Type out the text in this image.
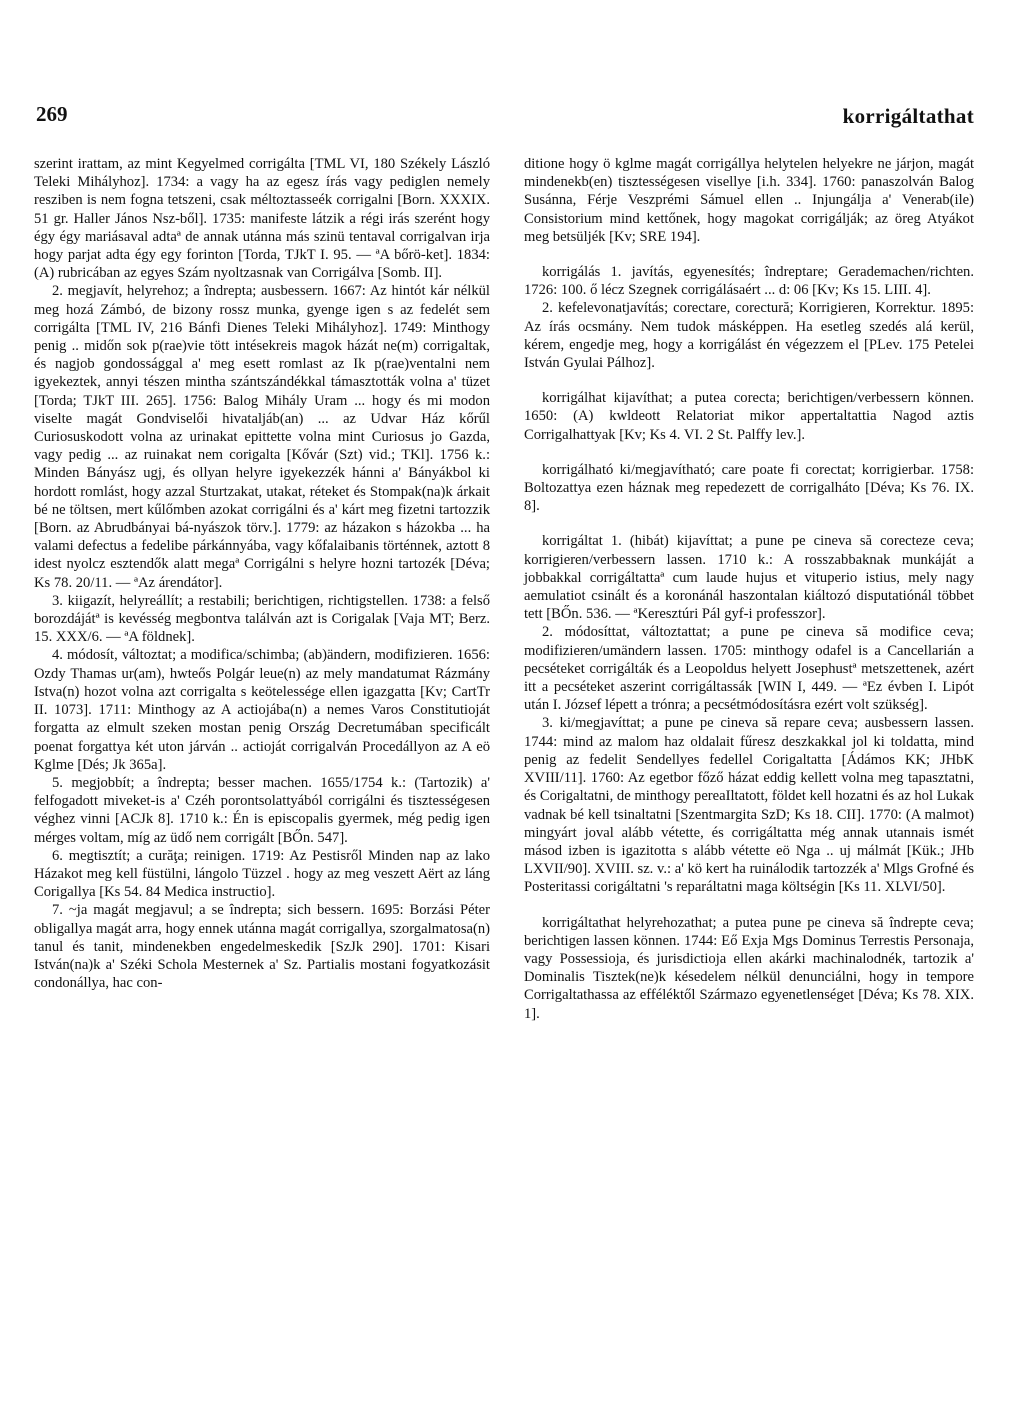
269	korrigáltathat

szerint irattam, az mint Kegyelmed corrigálta [TML VI, 180 Székely László Teleki Mihályhoz]. 1734: a vagy ha az egesz írás vagy pediglen nemely resziben is nem fogna tetszeni, csak méltoztasseék corrigalni [Born. XXXIX. 51 gr. Haller János Nsz-ből]. 1735: manifeste látzik a régi irás szerént hogy égy égy mariásaval adtaª de annak utánna más szinü tentaval corrigalvan irja hogy parjat adta égy egy forinton [Torda, TJkT I. 95. — ªA bőrö-ket]. 1834: (A) rubricában az egyes Szám nyoltzasnak van Corrigálva [Somb. II].

2. megjavít, helyrehoz; a îndrepta; ausbessern. 1667: Az hintót kár nélkül meg hozá Zámbó, de bizony rossz munka, gyenge igen s az fedelét sem corrigálta [TML IV, 216 Bánfi Dienes Teleki Mihályhoz]. 1749: Minthogy penig .. midőn sok p(rae)vie tött intésekreis magok házát ne(m) corrigaltak, és nagjob gondossággal a' meg esett romlast az Ik p(rae)ventalni nem igyekeztek, annyi tészen mintha szántszándékkal támasztották volna a' tüzet [Torda; TJkT III. 265]. 1756: Balog Mihály Uram ... hogy és mi modon viselte magát Gondviselői hivataljáb(an) ... az Udvar Ház kőrűl Curiosuskodott volna az urinakat epittette volna mint Curiosus jo Gazda, vagy pedig ... az ruinakat nem corigalta [Kővár (Szt) vid.; TKl]. 1756 k.: Minden Bányász ugj, és ollyan helyre igyekezzék hánni a' Bányákbol ki hordott romlást, hogy azzal Sturtzakat, utakat, réteket és Stompak(na)k árkait bé ne töltsen, mert kűlőmben azokat corrigálni és a' kárt meg fizetni tartozzik [Born. az Abrudbányai bá-nyászok törv.]. 1779: az házakon s házokba ... ha valami defectus a fedelibe párkánnyába, vagy kőfalaibanis történnek, aztott 8 idest nyolcz esztendők alatt megaª Corrigálni s helyre hozni tartozék [Déva; Ks 78. 20/11. — ªAz árendátor].

3. kiigazít, helyreállít; a restabili; berichtigen, richtigstellen. 1738: a felső borozdájátª is kevésség megbontva találván azt is Corigalak [Vaja MT; Berz. 15. XXX/6. — ªA földnek].

4. módosít, változtat; a modifica/schimba; (ab)ändern, modifizieren. 1656: Ozdy Thamas ur(am), hwteős Polgár leue(n) az mely mandatumat Rázmány Istva(n) hozot volna azt corrigalta s keötelessége ellen igazgatta [Kv; CartTr II. 1073]. 1711: Minthogy az A actiojába(n) a nemes Varos Constitutioját forgatta az elmult szeken mostan penig Ország Decretumában specificált poenat forgattya két uton járván .. actioját corrigalván Procedállyon az A eö Kglme [Dés; Jk 365a].

5. megjobbít; a îndrepta; besser machen. 1655/1754 k.: (Tartozik) a' felfogadott miveket-is a' Czéh porontsolattyából corrigálni és tisztességesen véghez vinni [ACJk 8]. 1710 k.: Én is episcopalis gyermek, még pedig igen mérges voltam, míg az üdő nem corrigált [BŐn. 547].

6. megtisztít; a curăţa; reinigen. 1719: Az Pestisről Minden nap az lako Házakot meg kell füstülni, lángolo Tüzzel . hogy az meg veszett Aërt az láng Corigallya [Ks 54. 84 Medica instructio].

7. ~ja magát megjavul; a se îndrepta; sich bessern. 1695: Borzási Péter obligallya magát arra, hogy ennek utánna magát corrigallya, szorgalmatosa(n) tanul és tanit, mindenekben engedelmeskedik [SzJk 290]. 1701: Kisari István(na)k a' Széki Schola Mesternek a' Sz. Partialis mostani fogyatkozásit condonállya, hac con-

ditione hogy ö kglme magát corrigállya helytelen helyekre ne járjon, magát mindenekb(en) tisztességesen visellye [i.h. 334]. 1760: panaszolván Balog Susánna, Férje Veszprémi Sámuel ellen .. Injungálja a' Venerab(ile) Consistorium mind kettőnek, hogy magokat corrigálják; az öreg Atyákot meg betsüljék [Kv; SRE 194].

korrigálás 1. javítás, egyenesítés; îndreptare; Gerademachen/richten. 1726: 100. ő lécz Szegnek corrigálásaért ... d: 06 [Kv; Ks 15. LIII. 4].

2. kefelevonatjavítás; corectare, corectură; Korrigieren, Korrektur. 1895: Az írás ocsmány. Nem tudok másképpen. Ha esetleg szedés alá kerül, kérem, engedje meg, hogy a korrigálást én végezzem el [PLev. 175 Petelei István Gyulai Pálhoz].

korrigálhat kijavíthat; a putea corecta; berichtigen/verbessern können. 1650: (A) kwldeott Relatoriat mikor appertaltattia Nagod aztis Corrigalhattyak [Kv; Ks 4. VI. 2 St. Palffy lev.].

korrigálható ki/megjavítható; care poate fi corectat; korrigierbar. 1758: Boltozattya ezen háznak meg repedezett de corrigalháto [Déva; Ks 76. IX. 8].

korrigáltat 1. (hibát) kijavíttat; a pune pe cineva să corecteze ceva; korrigieren/verbessern lassen. 1710 k.: A rosszabbaknak munkáját a jobbakkal corrigáltattaª cum laude hujus et vituperio istius, mely nagy aemulatiot csinált és a koronánál haszontalan kiáltozó disputatiónál többet tett [BŐn. 536. — ªKeresztúri Pál gyf-i professzor].

2. módosíttat, változtattat; a pune pe cineva să modifice ceva; modifizieren/umändern lassen. 1705: minthogy odafel is a Cancellarián a pecséteket corrigálták és a Leopoldus helyett Josephustª metszettenek, azért itt a pecséteket aszerint corrigáltassák [WIN I, 449. — ªEz évben I. Lipót után I. József lépett a trónra; a pecsétmódosításra ezért volt szükség].

3. ki/megjavíttat; a pune pe cineva să repare ceva; ausbessern lassen. 1744: mind az malom haz oldalait fűresz deszkakkal jol ki toldatta, mind penig az fedelit Sendellyes fedellel Corigaltatta [Ádámos KK; JHbK XVIII/11]. 1760: Az egetbor főző házat eddig kellett volna meg tapasztatni, és Corigaltatni, de minthogy pereaIltatott, földet kell hozatni és az hol Lukak vadnak bé kell tsinaltatni [Szentmargita SzD; Ks 18. CII]. 1770: (A malmot) mingyárt joval alább vétette, és corrigáltatta még annak utannais ismét másod izben is igazitotta s alább vétette eö Nga .. uj málmát [Kük.; JHb LXVII/90]. XVIII. sz. v.: a' kö kert ha ruinálodik tartozzék a' Mlgs Grofné és Posteritassi corigáltatni 's reparáltatni maga költségin [Ks 11. XLVI/50].

korrigáltathat helyrehozathat; a putea pune pe cineva să îndrepte ceva; berichtigen lassen können. 1744: Eő Exja Mgs Dominus Terrestis Personaja, vagy Possessioja, és jurisdictioja ellen akárki machinalodnék, tartozik a' Dominalis Tisztek(ne)k késedelem nélkül denunciálni, hogy in tempore Corrigaltathassa az efféléktől Származo egyenetlenséget [Déva; Ks 78. XIX. 1].
